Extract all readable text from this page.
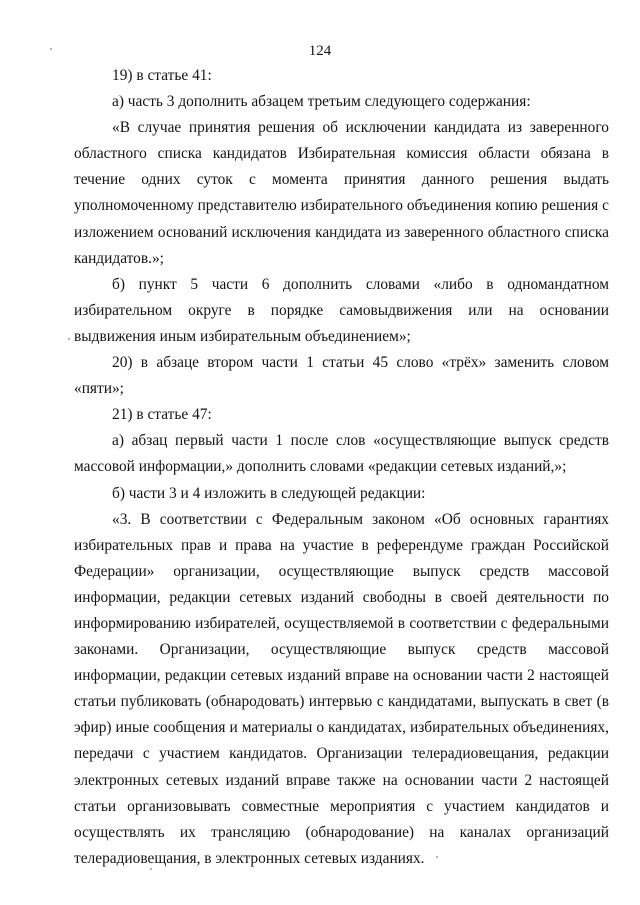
124

19) в статье 41:

а) часть 3 дополнить абзацем третьим следующего содержания:

«В случае принятия решения об исключении кандидата из заверенного областного списка кандидатов Избирательная комиссия области обязана в течение одних суток с момента принятия данного решения выдать уполномоченному представителю избирательного объединения копию решения с изложением оснований исключения кандидата из заверенного областного списка кандидатов.»;

б) пункт 5 части 6 дополнить словами «либо в одномандатном избирательном округе в порядке самовыдвижения или на основании выдвижения иным избирательным объединением»;

20) в абзаце втором части 1 статьи 45 слово «трёх» заменить словом «пяти»;

21) в статье 47:

а) абзац первый части 1 после слов «осуществляющие выпуск средств массовой информации,» дополнить словами «редакции сетевых изданий,»;

б) части 3 и 4 изложить в следующей редакции:

«3. В соответствии с Федеральным законом «Об основных гарантиях избирательных прав и права на участие в референдуме граждан Российской Федерации» организации, осуществляющие выпуск средств массовой информации, редакции сетевых изданий свободны в своей деятельности по информированию избирателей, осуществляемой в соответствии с федеральными законами. Организации, осуществляющие выпуск средств массовой информации, редакции сетевых изданий вправе на основании части 2 настоящей статьи публиковать (обнародовать) интервью с кандидатами, выпускать в свет (в эфир) иные сообщения и материалы о кандидатах, избирательных объединениях, передачи с участием кандидатов. Организации телерадиовещания, редакции электронных сетевых изданий вправе также на основании части 2 настоящей статьи организовывать совместные мероприятия с участием кандидатов и осуществлять их трансляцию (обнародование) на каналах организаций телерадиовещания, в электронных сетевых изданиях.
